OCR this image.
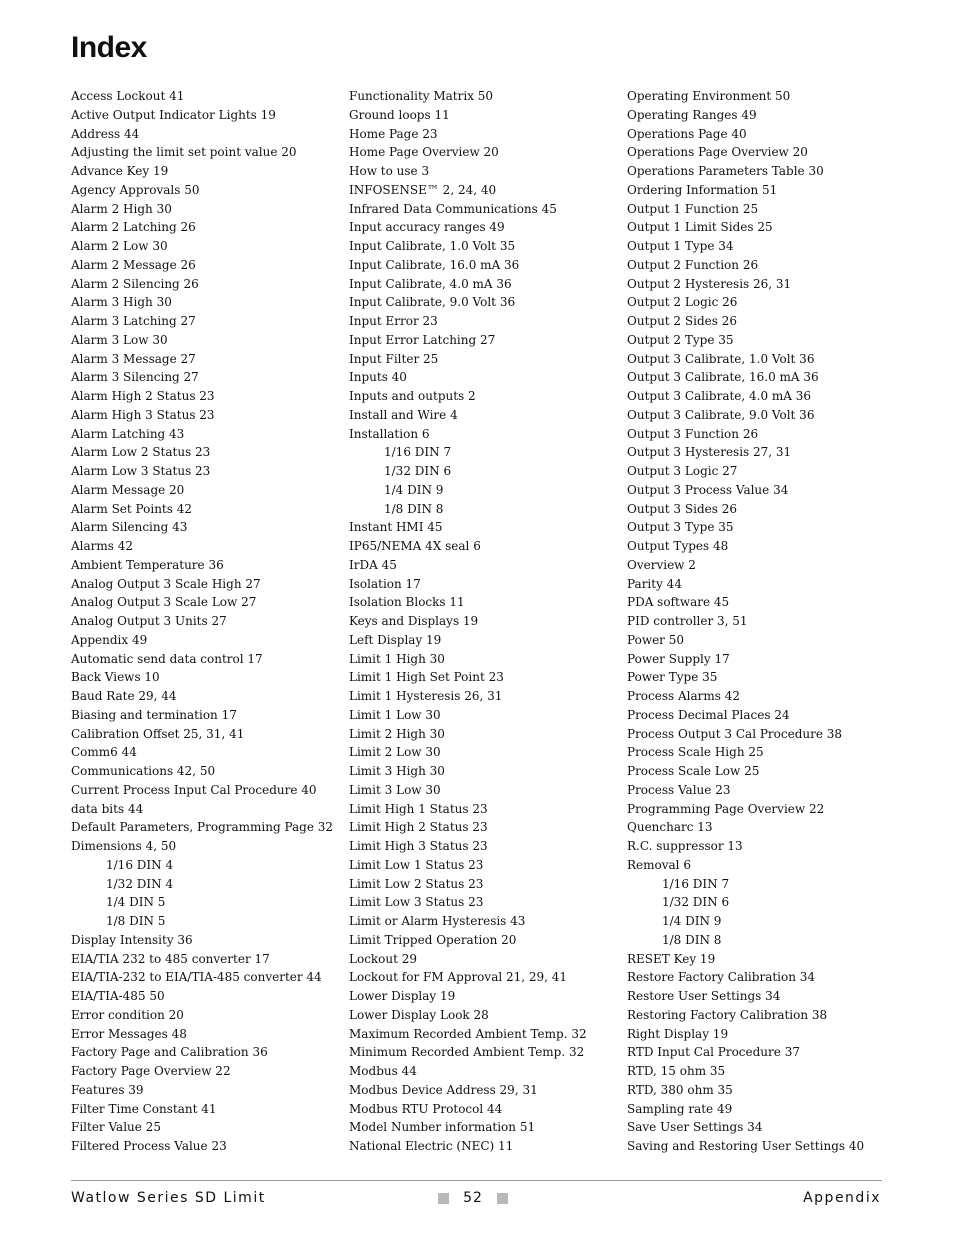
Index
Access Lockout 41
Active Output Indicator Lights 19
Address 44
Adjusting the limit set point value 20
Advance Key 19
Agency Approvals 50
Alarm 2 High 30
Alarm 2 Latching 26
Alarm 2 Low 30
Alarm 2 Message 26
Alarm 2 Silencing 26
Alarm 3 High 30
Alarm 3 Latching 27
Alarm 3 Low 30
Alarm 3 Message 27
Alarm 3 Silencing 27
Alarm High 2 Status 23
Alarm High 3 Status 23
Alarm Latching 43
Alarm Low 2 Status 23
Alarm Low 3 Status 23
Alarm Message 20
Alarm Set Points 42
Alarm Silencing 43
Alarms 42
Ambient Temperature 36
Analog Output 3 Scale High 27
Analog Output 3 Scale Low 27
Analog Output 3 Units 27
Appendix 49
Automatic send data control 17
Back Views 10
Baud Rate 29, 44
Biasing and termination 17
Calibration Offset 25, 31, 41
Comm6 44
Communications 42, 50
Current Process Input Cal Procedure 40
data bits 44
Default Parameters, Programming Page 32
Dimensions 4, 50
1/16 DIN 4
1/32 DIN 4
1/4 DIN 5
1/8 DIN 5
Display Intensity 36
EIA/TIA 232 to 485 converter 17
EIA/TIA-232 to EIA/TIA-485 converter 44
EIA/TIA-485 50
Error condition 20
Error Messages 48
Factory Page and Calibration 36
Factory Page Overview 22
Features 39
Filter Time Constant 41
Filter Value 25
Filtered Process Value 23
Functionality Matrix 50
Ground loops 11
Home Page 23
Home Page Overview 20
How to use 3
INFOSENSE™ 2, 24, 40
Infrared Data Communications 45
Input accuracy ranges 49
Input Calibrate, 1.0 Volt 35
Input Calibrate, 16.0 mA 36
Input Calibrate, 4.0 mA 36
Input Calibrate, 9.0 Volt 36
Input Error 23
Input Error Latching 27
Input Filter 25
Inputs 40
Inputs and outputs 2
Install and Wire 4
Installation 6
1/16 DIN 7
1/32 DIN 6
1/4 DIN 9
1/8 DIN 8
Instant HMI 45
IP65/NEMA 4X seal 6
IrDA 45
Isolation 17
Isolation Blocks 11
Keys and Displays 19
Left Display 19
Limit 1 High 30
Limit 1 High Set Point 23
Limit 1 Hysteresis 26, 31
Limit 1 Low 30
Limit 2 High 30
Limit 2 Low 30
Limit 3 High 30
Limit 3 Low 30
Limit High 1 Status 23
Limit High 2 Status 23
Limit High 3 Status 23
Limit Low 1 Status 23
Limit Low 2 Status 23
Limit Low 3 Status 23
Limit or Alarm Hysteresis 43
Limit Tripped Operation 20
Lockout 29
Lockout for FM Approval 21, 29, 41
Lower Display 19
Lower Display Look 28
Maximum Recorded Ambient Temp. 32
Minimum Recorded Ambient Temp. 32
Modbus 44
Modbus Device Address 29, 31
Modbus RTU Protocol 44
Model Number information 51
National Electric (NEC) 11
Operating Environment 50
Operating Ranges 49
Operations Page 40
Operations Page Overview 20
Operations Parameters Table 30
Ordering Information 51
Output 1 Function 25
Output 1 Limit Sides 25
Output 1 Type 34
Output 2 Function 26
Output 2 Hysteresis 26, 31
Output 2 Logic 26
Output 2 Sides 26
Output 2 Type 35
Output 3 Calibrate, 1.0 Volt 36
Output 3 Calibrate, 16.0 mA 36
Output 3 Calibrate, 4.0 mA 36
Output 3 Calibrate, 9.0 Volt 36
Output 3 Function 26
Output 3 Hysteresis 27, 31
Output 3 Logic 27
Output 3 Process Value 34
Output 3 Sides 26
Output 3 Type 35
Output Types 48
Overview 2
Parity 44
PDA software 45
PID controller 3, 51
Power 50
Power Supply 17
Power Type 35
Process Alarms 42
Process Decimal Places 24
Process Output 3 Cal Procedure 38
Process Scale High 25
Process Scale Low 25
Process Value 23
Programming Page Overview 22
Quencharc 13
R.C. suppressor 13
Removal 6
1/16 DIN 7
1/32 DIN 6
1/4 DIN 9
1/8 DIN 8
RESET Key 19
Restore Factory Calibration 34
Restore User Settings 34
Restoring Factory Calibration 38
Right Display 19
RTD Input Cal Procedure 37
RTD, 15 ohm 35
RTD, 380 ohm 35
Sampling rate 49
Save User Settings 34
Saving and Restoring User Settings 40
Watlow Series SD Limit	52	Appendix
